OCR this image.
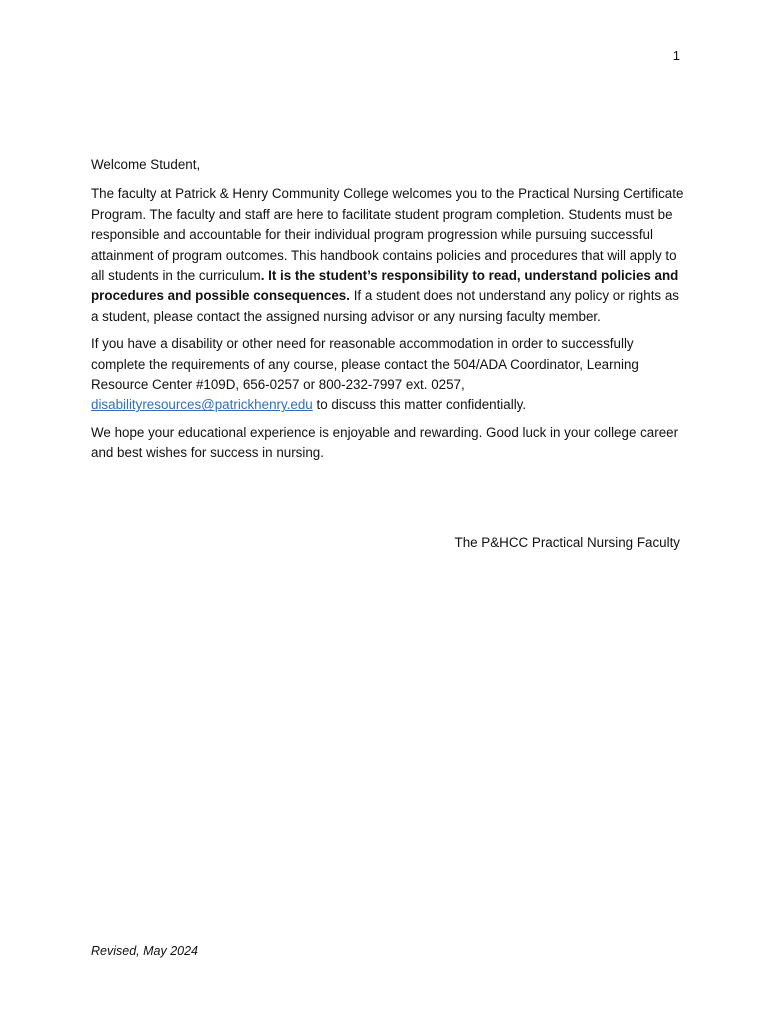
1

Welcome Student,

The faculty at Patrick & Henry Community College welcomes you to the Practical Nursing Certificate Program. The faculty and staff are here to facilitate student program completion. Students must be responsible and accountable for their individual program progression while pursuing successful attainment of program outcomes. This handbook contains policies and procedures that will apply to all students in the curriculum. It is the student’s responsibility to read, understand policies and procedures and possible consequences. If a student does not understand any policy or rights as a student, please contact the assigned nursing advisor or any nursing faculty member.

If you have a disability or other need for reasonable accommodation in order to successfully complete the requirements of any course, please contact the 504/ADA Coordinator, Learning Resource Center #109D, 656-0257 or 800-232-7997 ext. 0257, disabilityresources@patrickhenry.edu to discuss this matter confidentially.

We hope your educational experience is enjoyable and rewarding. Good luck in your college career and best wishes for success in nursing.

The P&HCC Practical Nursing Faculty
Revised, May 2024
